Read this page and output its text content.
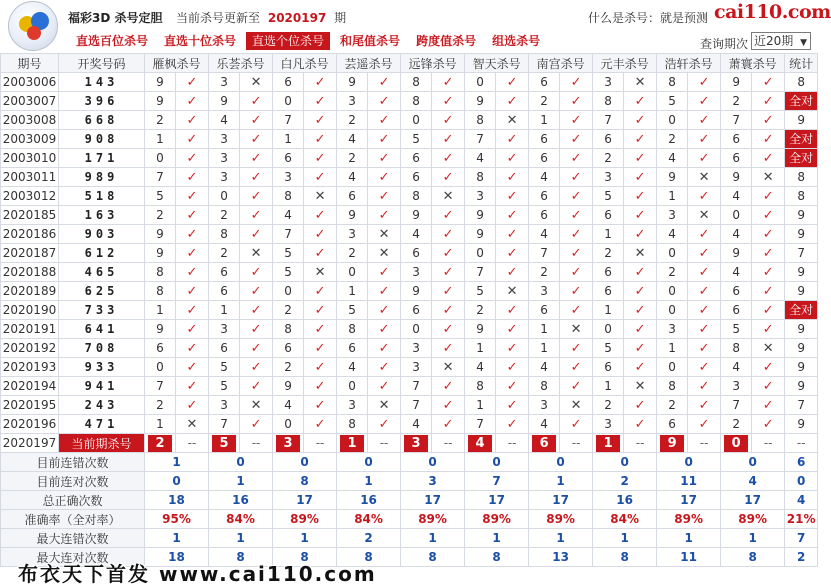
福彩3D 杀号定胆 当前杀号更新至 2020197 期	什么是杀号：就是预测 cai110.com
直选百位杀号	直选十位杀号	直选个位杀号	和尾值杀号	跨度值杀号	组选杀号	查询期次 近20期 ▼
期号	开奖号码	雁枫杀号		乐荟杀号		白凡杀号		芸遥杀号		远锋杀号		智天杀号		南宫杀号		元丰杀号		浩轩杀号		萧寰杀号		统计
2003006	143	9	✓	3	✕	6	✓	9	✓	8	✓	0	✓	6	✓	3	✕	8	✓	9	✓	8
2003007	396	9	✓	9	✓	0	✓	3	✓	8	✓	9	✓	2	✓	8	✓	5	✓	2	✓	全对

2003008	668	2	✓	4	✓	7	✓	2	✓	0	✓	8	✕	1	✓	7	✓	0	✓	7	✓	9
2003009	908	1	✓	3	✓	1	✓	4	✓	5	✓	7	✓	6	✓	6	✓	2	✓	6	✓	全对

2003010	171	0	✓	3	✓	6	✓	2	✓	6	✓	4	✓	6	✓	2	✓	4	✓	6	✓	全对

2003011	989	7	✓	3	✓	3	✓	4	✓	6	✓	8	✓	4	✓	3	✓	9	✕	9	✕	8
2003012	518	5	✓	0	✓	8	✕	6	✓	8	✕	3	✓	6	✓	5	✓	1	✓	4	✓	8
2020185	163	2	✓	2	✓	4	✓	9	✓	9	✓	9	✓	6	✓	6	✓	3	✕	0	✓	9
2020186	903	9	✓	8	✓	7	✓	3	✕	4	✓	9	✓	4	✓	1	✓	4	✓	4	✓	9
2020187	612	9	✓	2	✕	5	✓	2	✕	6	✓	0	✓	7	✓	2	✕	0	✓	9	✓	7
2020188	465	8	✓	6	✓	5	✕	0	✓	3	✓	7	✓	2	✓	6	✓	2	✓	4	✓	9
2020189	625	8	✓	6	✓	0	✓	1	✓	9	✓	5	✕	3	✓	6	✓	0	✓	6	✓	9
2020190	733	1	✓	1	✓	2	✓	5	✓	6	✓	2	✓	6	✓	1	✓	0	✓	6	✓	全对

2020191	641	9	✓	3	✓	8	✓	8	✓	0	✓	9	✓	1	✕	0	✓	3	✓	5	✓	9
2020192	708	6	✓	6	✓	6	✓	6	✓	3	✓	1	✓	1	✓	5	✓	1	✓	8	✕	9
2020193	933	0	✓	5	✓	2	✓	4	✓	3	✕	4	✓	4	✓	6	✓	0	✓	4	✓	9
2020194	941	7	✓	5	✓	9	✓	0	✓	7	✓	8	✓	8	✓	1	✕	8	✓	3	✓	9
2020195	243	2	✓	3	✕	4	✓	3	✕	7	✓	1	✓	3	✕	2	✓	2	✓	7	✓	7
2020196	471	1	✕	7	✓	0	✓	8	✓	4	✓	7	✓	4	✓	3	✓	6	✓	2	✓	9
2020197	当前期杀号	2	--	5	--	3	--	1	--	3	--	4	--	6	--	1	--	9	--	0	--	--
目前连错次数		1		0		0		0		0		0		0		0		0		0		6
目前连对次数		0		1		8		1		3		7		1		2		11		4		0
总正确次数		18		16		17		16		17		17		17		16		17		17		4
准确率（全对率）		95%		84%		89%		84%		89%		89%		89%		84%		89%		89%		21%
最大连错次数		1		1		1		2		1		1		1		1		1		1		7
最大连对次数		18		8		8		8		8		8		13		8		11		8		2
布衣天下首发 www.cai110.com
